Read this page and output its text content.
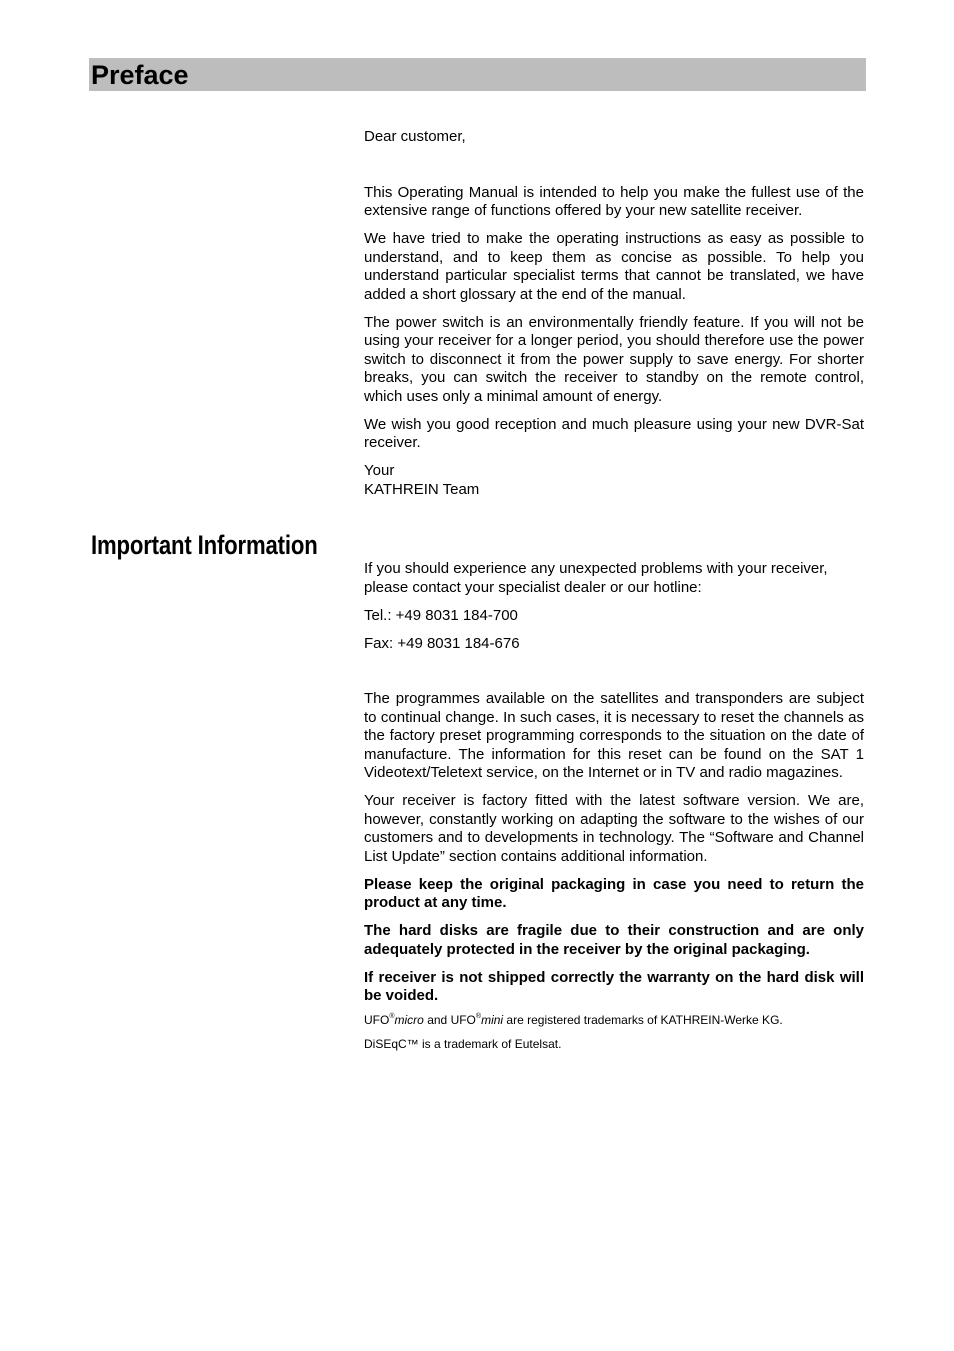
Preface

Dear customer,

This Operating Manual is intended to help you make the fullest use of the extensive range of functions offered by your new satellite receiver.

We have tried to make the operating instructions as easy as possible to understand, and to keep them as concise as possible. To help you understand particular specialist terms that cannot be translated, we have added a short glossary at the end of the manual.

The power switch is an environmentally friendly feature. If you will not be using your receiver for a longer period, you should therefore use the power switch to disconnect it from the power supply to save energy. For shorter breaks, you can switch the receiver to standby on the remote control, which uses only a minimal amount of energy.

We wish you good reception and much pleasure using your new DVR-Sat receiver.

Your
KATHREIN Team

Important Information

If you should experience any unexpected problems with your receiver, please contact your specialist dealer or our hotline:

Tel.: +49 8031 184-700

Fax: +49 8031 184-676

The programmes available on the satellites and transponders are subject to continual change. In such cases, it is necessary to reset the channels as the factory preset programming corresponds to the situation on the date of manufacture. The information for this reset can be found on the SAT 1 Videotext/Teletext service, on the Internet or in TV and radio magazines.

Your receiver is factory fitted with the latest software version. We are, however, constantly working on adapting the software to the wishes of our customers and to developments in technology. The “Software and Channel List Update” section contains additional information.

Please keep the original packaging in case you need to return the product at any time.

The hard disks are fragile due to their construction and are only adequately protected in the receiver by the original packaging.

If receiver is not shipped correctly the warranty on the hard disk will be voided.

UFO®micro and UFO®mini are registered trademarks of KATHREIN-Werke KG.

DiSEqC™ is a trademark of Eutelsat.
